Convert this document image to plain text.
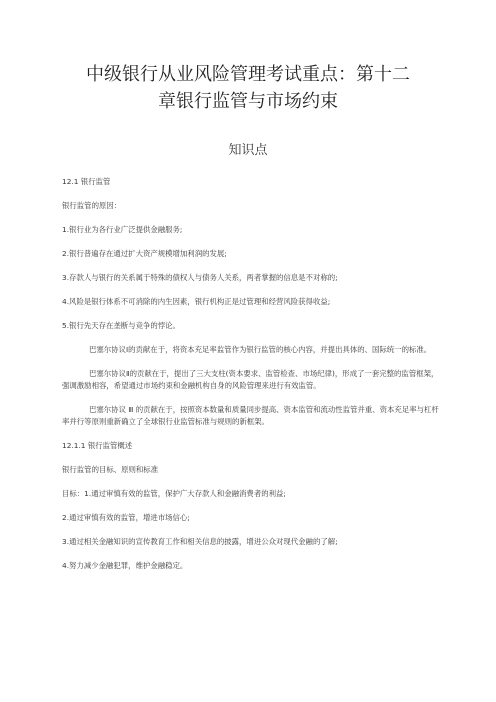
中级银行从业风险管理考试重点：第十二
章银行监管与市场约束
知识点

12.1 银行监管

银行监管的原因：

1.银行业为各行业广泛提供金融服务;

2.银行普遍存在通过扩大资产规模增加利润的发展;

3.存款人与银行的关系属于特殊的债权人与债务人关系，两者掌握的信息是不对称的;

4.风险是银行体系不可消除的内生因素，银行机构正是过管理和经营风险获得收益;

5.银行先天存在垄断与竞争的悖论。

巴塞尔协议Ⅰ的贡献在于，将资本充足率监管作为银行监管的核心内容，并提出具体的、国际统一的标准。

巴塞尔协议Ⅱ的贡献在于，提出了三大支柱(资本要求、监管检查、市场纪律)，形成了一套完整的监管框架，强调激励相容，希望通过市场约束和金融机构自身的风险管理来进行有效监管。

巴塞尔协议 Ⅲ 的贡献在于，按照资本数量和质量同步提高、资本监管和流动性监管并重、资本充足率与杠杆率并行等原则重新确立了全球银行业监管标准与规则的新框架。

12.1.1 银行监管概述

银行监管的目标、原则和标准

目标：1.通过审慎有效的监管，保护广大存款人和金融消费者的利益;

2.通过审慎有效的监管，增进市场信心;

3.通过相关金融知识的宣传教育工作和相关信息的披露，增进公众对现代金融的了解;

4.努力减少金融犯罪，维护金融稳定。
